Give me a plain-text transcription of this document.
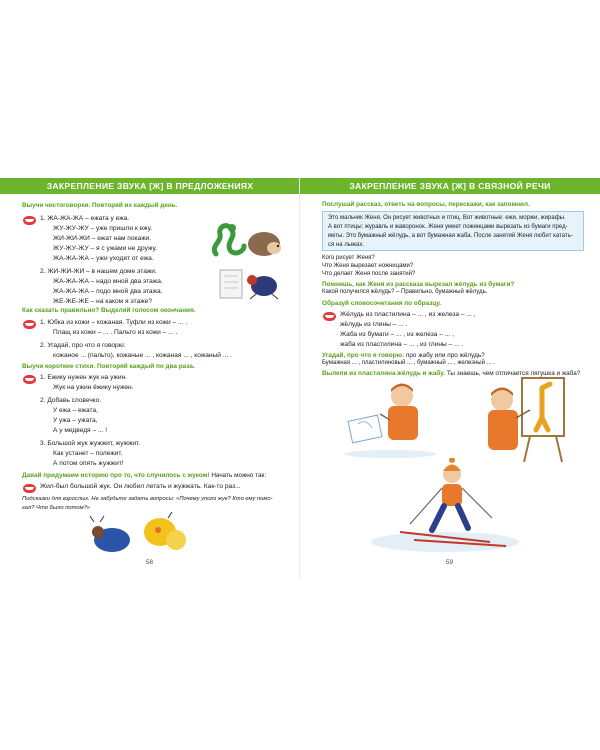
ЗАКРЕПЛЕНИЕ ЗВУКА [Ж] В ПРЕДЛОЖЕНИЯХ
Выучи чистоговорки. Повторяй их каждый день.
1. ЖА-ЖА-ЖА – ежата у ежа.
ЖУ-ЖУ-ЖУ – уже пришли к ежу.
ЖИ-ЖИ-ЖИ – ежат нам покажи.
ЖУ-ЖУ-ЖУ – я с ужами не дружу.
ЖА-ЖА-ЖА – ужи уходят от ежа.
2. ЖИ-ЖИ-ЖИ – в нашем доме этажи.
ЖА-ЖА-ЖА – надо мной два этажа.
ЖА-ЖА-ЖА – подо мной два этажа.
ЖЕ-ЖЕ-ЖЕ – на каком я этаже?
Как сказать правильно? Выделяй голосом окончания.
1. Юбка из кожи – кожаная. Туфли из кожи – ... .
Плащ из кожи – ... . Пальто из кожи – ... .
2. Угадай, про что я говорю:
кожаное ... (пальто), кожаные ... , кожаная ... , кожаный ... .
Выучи короткие стихи. Повторяй каждый по два раза.
1. Ежику нужен жук на ужин.
Жук на ужин ёжику нужен.
2. Добавь словечко.
У ежа – ежата,
У ужа – ужата,
А у медведя – ... !
3. Большой жук жужжит, жужжит.
Как устанет – полежит.
А потом опять жужжит!
Давай придумаем историю про то, что случилось с жуком! Начать можно так:
Жил-был большой жук. Он любил летать и жужжать. Как-то раз...
Подсказки для взрослых. Не забудьте задать вопросы: «Почему уполз жук? Кто ему помо-
гал? Что было потом?»
58
ЗАКРЕПЛЕНИЕ ЗВУКА [Ж] В СВЯЗНОЙ РЕЧИ
Послушай рассказ, ответь на вопросы, перескажи, как запомнил.
Это мальчик Женя. Он рисует животных и птиц. Вот животные: ежи, моржи, жирафы.
А вот птицы: журавль и жаворонок. Женя умеет пожинцами вырезать из бумаги пред-
меты. Это бумажный жёлудь, а вот бумажная жаба. После занятий Женя любит катать-
ся на лыжах.
Кого рисует Женя?
Что Женя вырезает ножницами?
Что делает Женя после занятий?
Помнишь, как Женя из рассказа вырезал жёлудь из бумаги?
Какой получился жёлудь? – Правильно, бумажный жёлудь.
Образуй словосочетания по образцу.
Жёлудь из пластилина – ... , из железа – ... ,
жёлудь из глины – ... .
Жаба из бумаги – ... , из железа – ... ,
жаба из пластилина – ... , из глины – ... .
Угадай, про что я говорю: про жабу или про жёлудь?
Бумажная ... , пластилиновый ... , бумажный ... , железный ... .
Вылепи из пластилина жёлудь и жабу. Ты знаешь, чем отличается лягушка и жаба?
59
